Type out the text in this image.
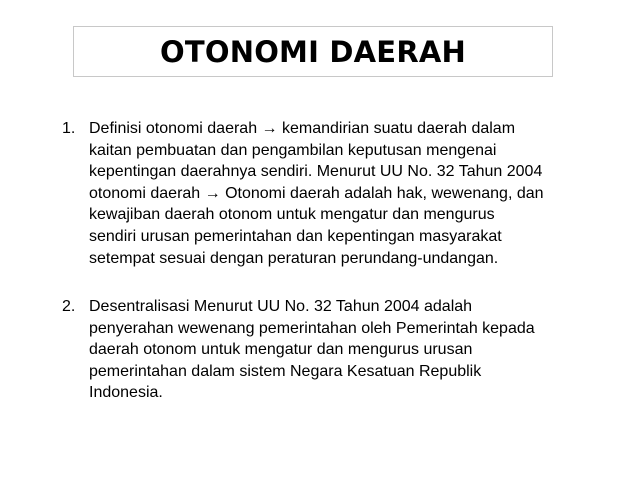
OTONOMI DAERAH
1. Definisi otonomi daerah → kemandirian suatu daerah dalam
kaitan pembuatan dan pengambilan keputusan mengenai
kepentingan daerahnya sendiri. Menurut UU No. 32 Tahun 2004
otonomi daerah → Otonomi daerah adalah hak, wewenang, dan
kewajiban daerah otonom untuk mengatur dan mengurus
sendiri urusan pemerintahan dan kepentingan masyarakat
setempat sesuai dengan peraturan perundang-undangan.
2. Desentralisasi Menurut UU No. 32 Tahun 2004 adalah
penyerahan wewenang pemerintahan oleh Pemerintah kepada
daerah otonom untuk mengatur dan mengurus urusan
pemerintahan dalam sistem Negara Kesatuan Republik
Indonesia.
